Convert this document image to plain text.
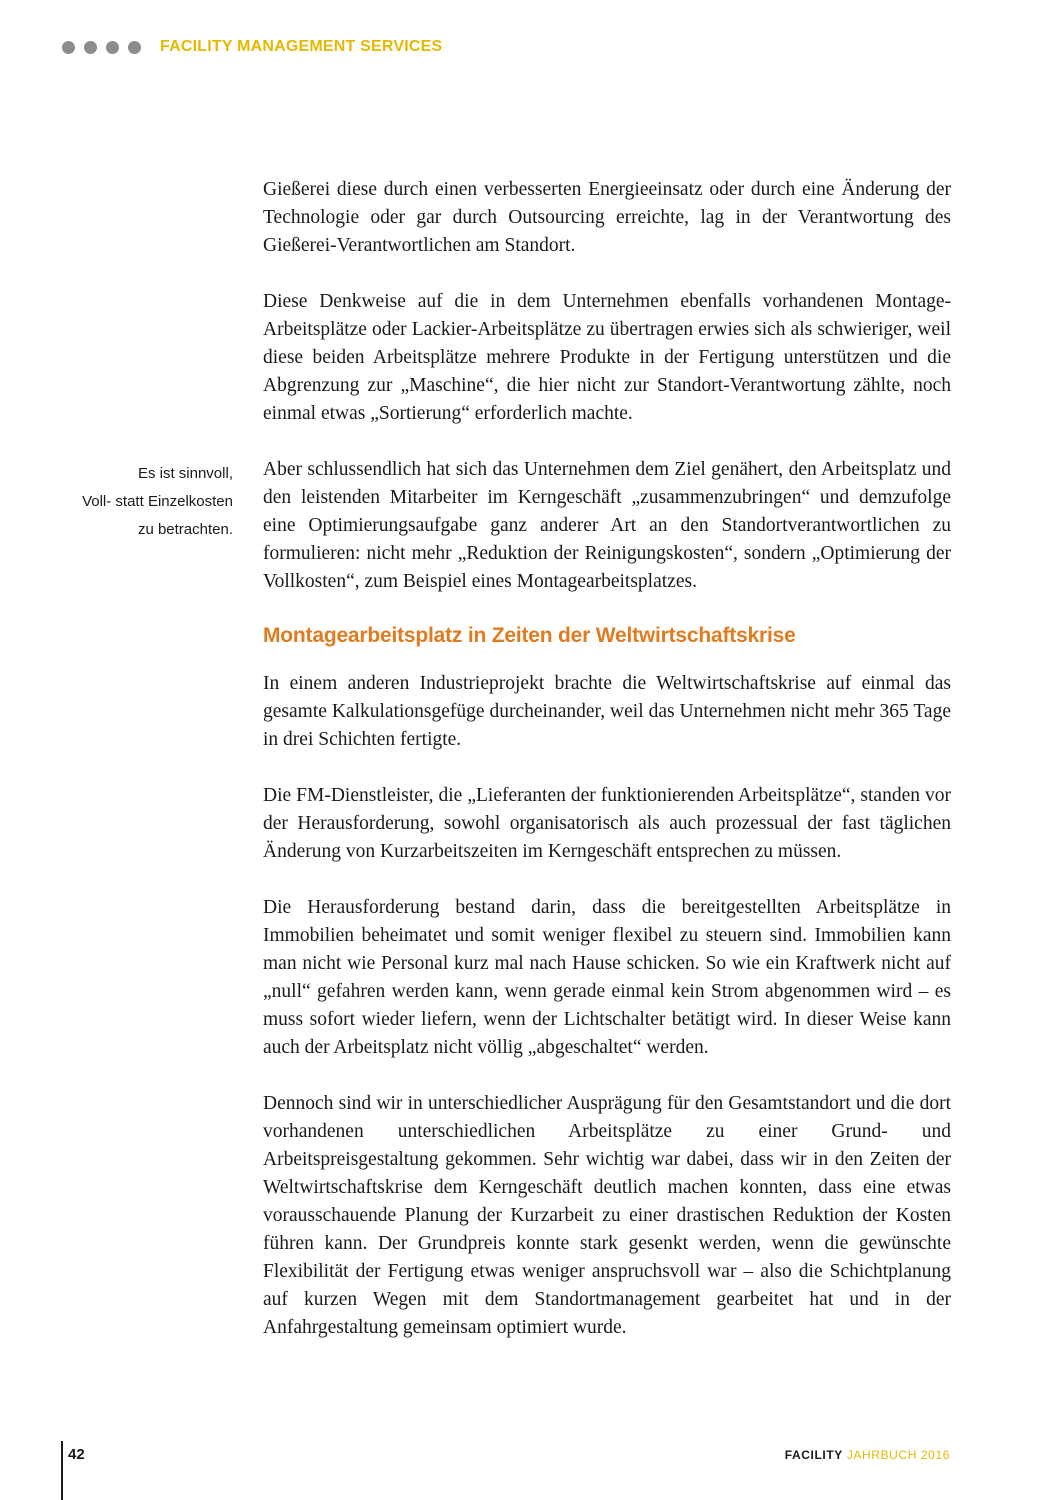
FACILITY MANAGEMENT SERVICES
Es ist sinnvoll,
Voll- statt Einzelkosten
zu betrachten.

Gießerei diese durch einen verbesserten Energieeinsatz oder durch eine Änderung der Technologie oder gar durch Outsourcing erreichte, lag in der Verantwortung des Gießerei-Verantwortlichen am Standort.

Diese Denkweise auf die in dem Unternehmen ebenfalls vorhandenen Montage-Arbeitsplätze oder Lackier-Arbeitsplätze zu übertragen erwies sich als schwieriger, weil diese beiden Arbeitsplätze mehrere Produkte in der Fertigung unterstützen und die Abgrenzung zur „Maschine“, die hier nicht zur Standort-Verantwortung zählte, noch einmal etwas „Sortierung“ erforderlich machte.

Aber schlussendlich hat sich das Unternehmen dem Ziel genähert, den Arbeitsplatz und den leistenden Mitarbeiter im Kerngeschäft „zusammenzubringen“ und demzufolge eine Optimierungsaufgabe ganz anderer Art an den Standortverantwortlichen zu formulieren: nicht mehr „Reduktion der Reinigungskosten“, sondern „Optimierung der Vollkosten“, zum Beispiel eines Montagearbeitsplatzes.

Montagearbeitsplatz in Zeiten der Weltwirtschaftskrise

In einem anderen Industrieprojekt brachte die Weltwirtschaftskrise auf einmal das gesamte Kalkulationsgefüge durcheinander, weil das Unternehmen nicht mehr 365 Tage in drei Schichten fertigte.

Die FM-Dienstleister, die „Lieferanten der funktionierenden Arbeitsplätze“, standen vor der Herausforderung, sowohl organisatorisch als auch prozessual der fast täglichen Änderung von Kurzarbeitszeiten im Kerngeschäft entsprechen zu müssen.

Die Herausforderung bestand darin, dass die bereitgestellten Arbeitsplätze in Immobilien beheimatet und somit weniger flexibel zu steuern sind. Immobilien kann man nicht wie Personal kurz mal nach Hause schicken. So wie ein Kraftwerk nicht auf „null“ gefahren werden kann, wenn gerade einmal kein Strom abgenommen wird – es muss sofort wieder liefern, wenn der Lichtschalter betätigt wird. In dieser Weise kann auch der Arbeitsplatz nicht völlig „abgeschaltet“ werden.

Dennoch sind wir in unterschiedlicher Ausprägung für den Gesamtstandort und die dort vorhandenen unterschiedlichen Arbeitsplätze zu einer Grund- und Arbeitspreisgestaltung gekommen. Sehr wichtig war dabei, dass wir in den Zeiten der Weltwirtschaftskrise dem Kerngeschäft deutlich machen konnten, dass eine etwas vorausschauende Planung der Kurzarbeit zu einer drastischen Reduktion der Kosten führen kann. Der Grundpreis konnte stark gesenkt werden, wenn die gewünschte Flexibilität der Fertigung etwas weniger anspruchsvoll war – also die Schichtplanung auf kurzen Wegen mit dem Standortmanagement gearbeitet hat und in der Anfahrgestaltung gemeinsam optimiert wurde.

42	FACILITY JAHRBUCH 2016
